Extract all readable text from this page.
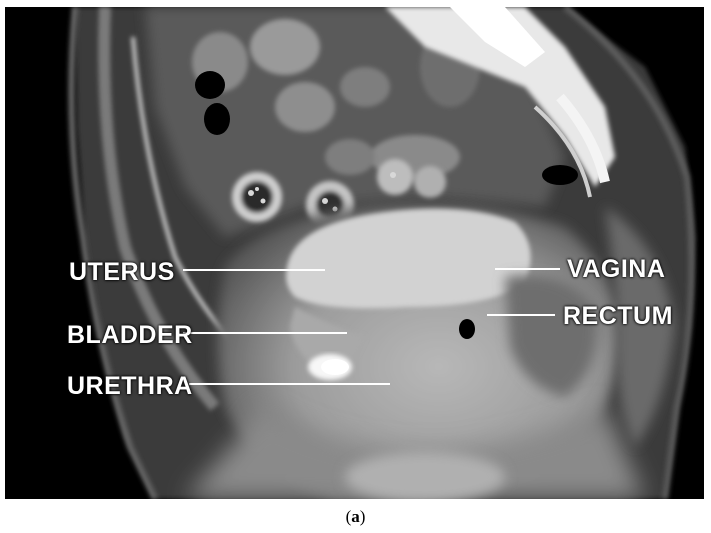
UTERUS
BLADDER
URETHRA
VAGINA
RECTUM
(a)
